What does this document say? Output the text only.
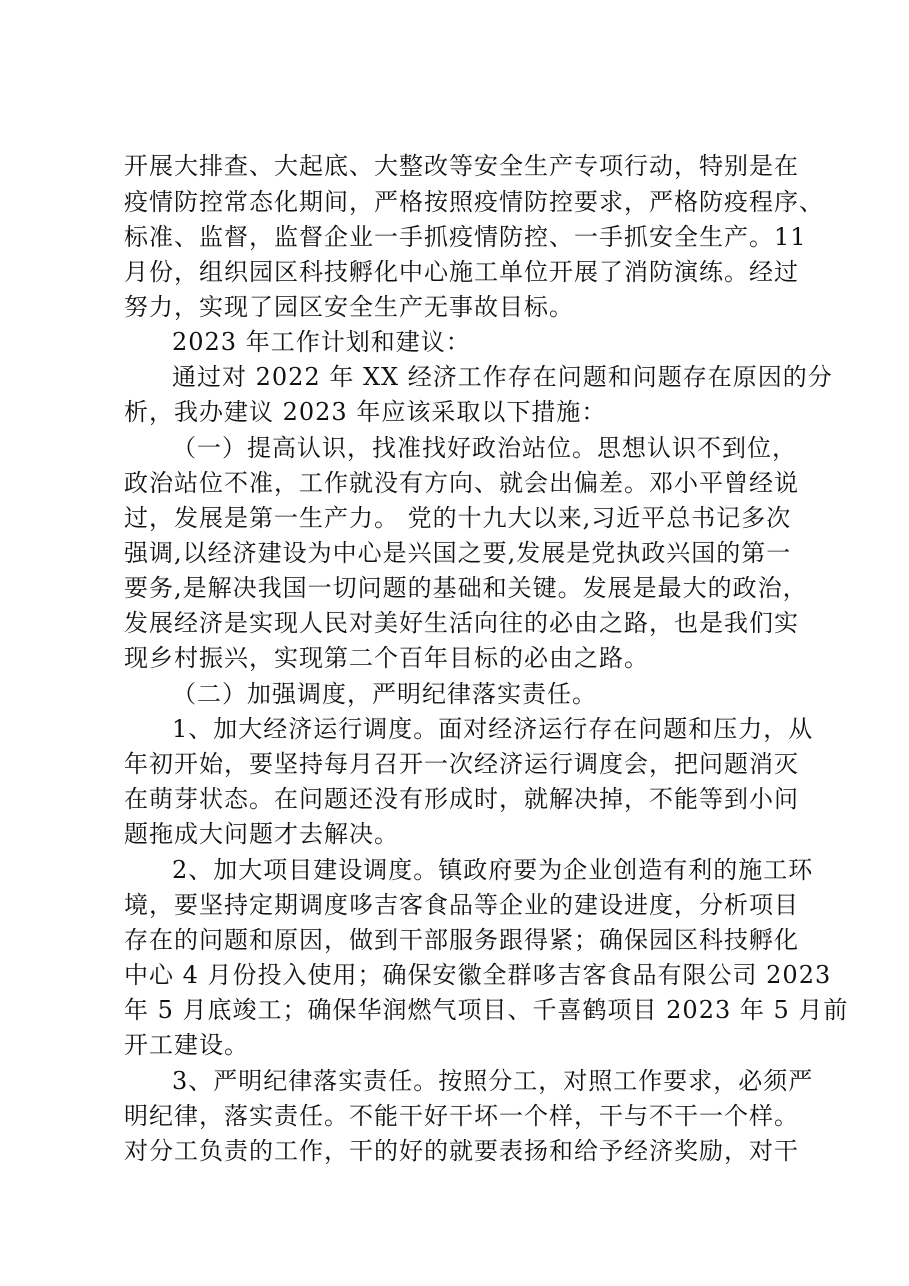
开展大排查、大起底、大整改等安全生产专项行动，特别是在
疫情防控常态化期间，严格按照疫情防控要求，严格防疫程序、
标准、监督，监督企业一手抓疫情防控、一手抓安全生产。11
月份，组织园区科技孵化中心施工单位开展了消防演练。经过
努力，实现了园区安全生产无事故目标。
2023 年工作计划和建议：
通过对 2022 年 XX 经济工作存在问题和问题存在原因的分
析，我办建议 2023 年应该采取以下措施：
（一）提高认识，找准找好政治站位。思想认识不到位，
政治站位不准，工作就没有方向、就会出偏差。邓小平曾经说
过，发展是第一生产力。 党的十九大以来,习近平总书记多次
强调,以经济建设为中心是兴国之要,发展是党执政兴国的第一
要务,是解决我国一切问题的基础和关键。发展是最大的政治，
发展经济是实现人民对美好生活向往的必由之路，也是我们实
现乡村振兴，实现第二个百年目标的必由之路。
（二）加强调度，严明纪律落实责任。
1、加大经济运行调度。面对经济运行存在问题和压力，从
年初开始，要坚持每月召开一次经济运行调度会，把问题消灭
在萌芽状态。在问题还没有形成时，就解决掉，不能等到小问
题拖成大问题才去解决。
2、加大项目建设调度。镇政府要为企业创造有利的施工环
境，要坚持定期调度哆吉客食品等企业的建设进度，分析项目
存在的问题和原因，做到干部服务跟得紧；确保园区科技孵化
中心 4 月份投入使用；确保安徽全群哆吉客食品有限公司 2023
年 5 月底竣工；确保华润燃气项目、千喜鹤项目 2023 年 5 月前
开工建设。
3、严明纪律落实责任。按照分工，对照工作要求，必须严
明纪律，落实责任。不能干好干坏一个样，干与不干一个样。
对分工负责的工作，干的好的就要表扬和给予经济奖励，对干
